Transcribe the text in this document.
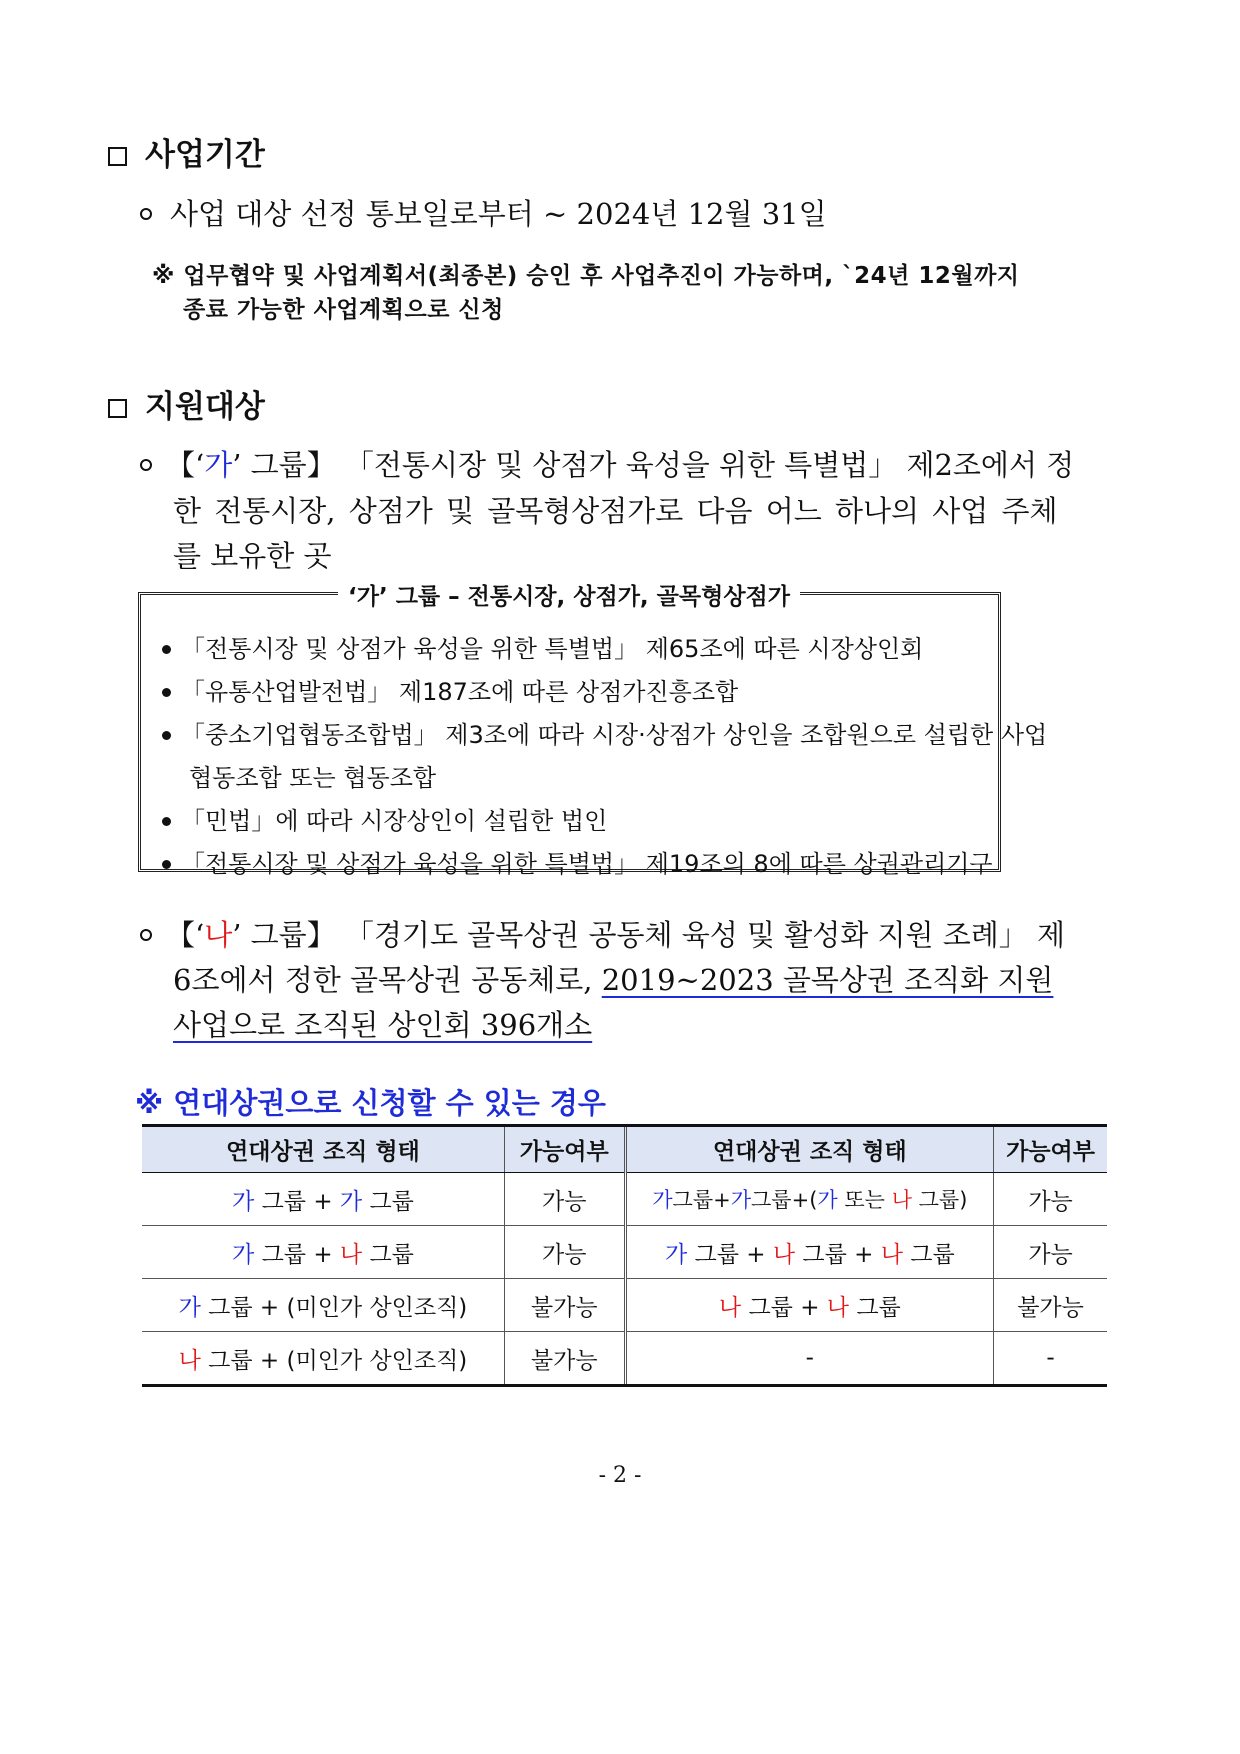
사업기간
사업 대상 선정 통보일로부터 ~ 2024년 12월 31일
※ 업무협약 및 사업계획서(최종본) 승인 후 사업추진이 가능하며, `24년 12월까지
종료 가능한 사업계획으로 신청
지원대상
【‘가’ 그룹】 「전통시장 및 상점가 육성을 위한 특별법」 제2조에서 정
한 전통시장, 상점가 및 골목형상점가로 다음 어느 하나의 사업 주체
를 보유한 곳
‘가’ 그룹 – 전통시장, 상점가, 골목형상점가
「전통시장 및 상점가 육성을 위한 특별법」 제65조에 따른 시장상인회
「유통산업발전법」 제187조에 따른 상점가진흥조합
「중소기업협동조합법」 제3조에 따라 시장·상점가 상인을 조합원으로 설립한 사업
협동조합 또는 협동조합
「민법」에 따라 시장상인이 설립한 법인
「전통시장 및 상점가 육성을 위한 특별법」 제19조의 8에 따른 상권관리기구
【‘나’ 그룹】 「경기도 골목상권 공동체 육성 및 활성화 지원 조례」 제
6조에서 정한 골목상권 공동체로, 2019~2023 골목상권 조직화 지원
사업으로 조직된 상인회 396개소
※ 연대상권으로 신청할 수 있는 경우
연대상권 조직 형태	가능여부	연대상권 조직 형태	가능여부
가 그룹 + 가 그룹	가능	가그룹+가그룹+(가 또는 나 그룹)	가능
가 그룹 + 나 그룹	가능	가 그룹 + 나 그룹 + 나 그룹	가능
가 그룹 + (미인가 상인조직)	불가능	나 그룹 + 나 그룹	불가능
나 그룹 + (미인가 상인조직)	불가능	-	-
- 2 -
